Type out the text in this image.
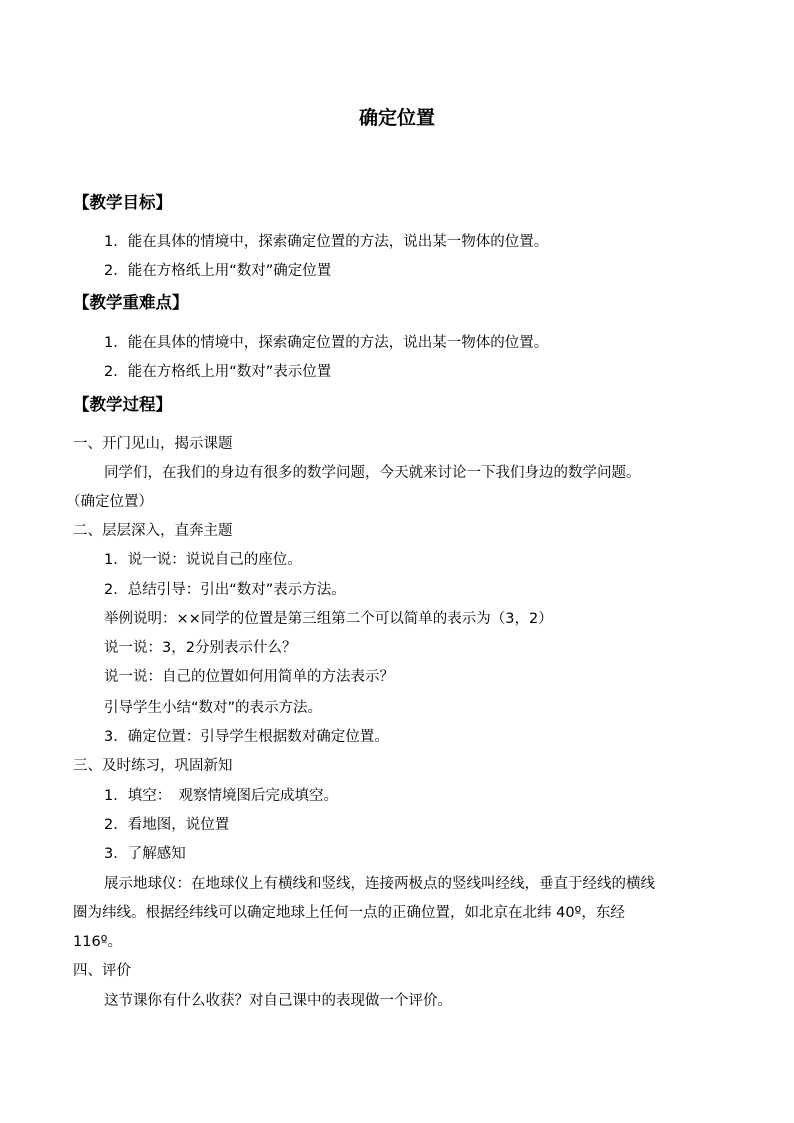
确定位置
【教学目标】
1．能在具体的情境中，探索确定位置的方法，说出某一物体的位置。
2．能在方格纸上用“数对”确定位置
【教学重难点】
1．能在具体的情境中，探索确定位置的方法，说出某一物体的位置。
2．能在方格纸上用“数对”表示位置
【教学过程】
一、开门见山，揭示课题
同学们，在我们的身边有很多的数学问题，今天就来讨论一下我们身边的数学问题。
（确定位置）
二、层层深入，直奔主题
1．说一说：说说自己的座位。
2．总结引导：引出“数对”表示方法。
举例说明：××同学的位置是第三组第二个可以简单的表示为（3，2）
说一说：3，2分别表示什么？
说一说：自己的位置如何用简单的方法表示？
引导学生小结“数对”的表示方法。
3．确定位置：引导学生根据数对确定位置。
三、及时练习，巩固新知
1．填空：　观察情境图后完成填空。
2．看地图，说位置
3．了解感知
展示地球仪：在地球仪上有横线和竖线，连接两极点的竖线叫经线，垂直于经线的横线
圈为纬线。根据经纬线可以确定地球上任何一点的正确位置，如北京在北纬 40º，东经
116º。
四、评价
这节课你有什么收获？对自己课中的表现做一个评价。
